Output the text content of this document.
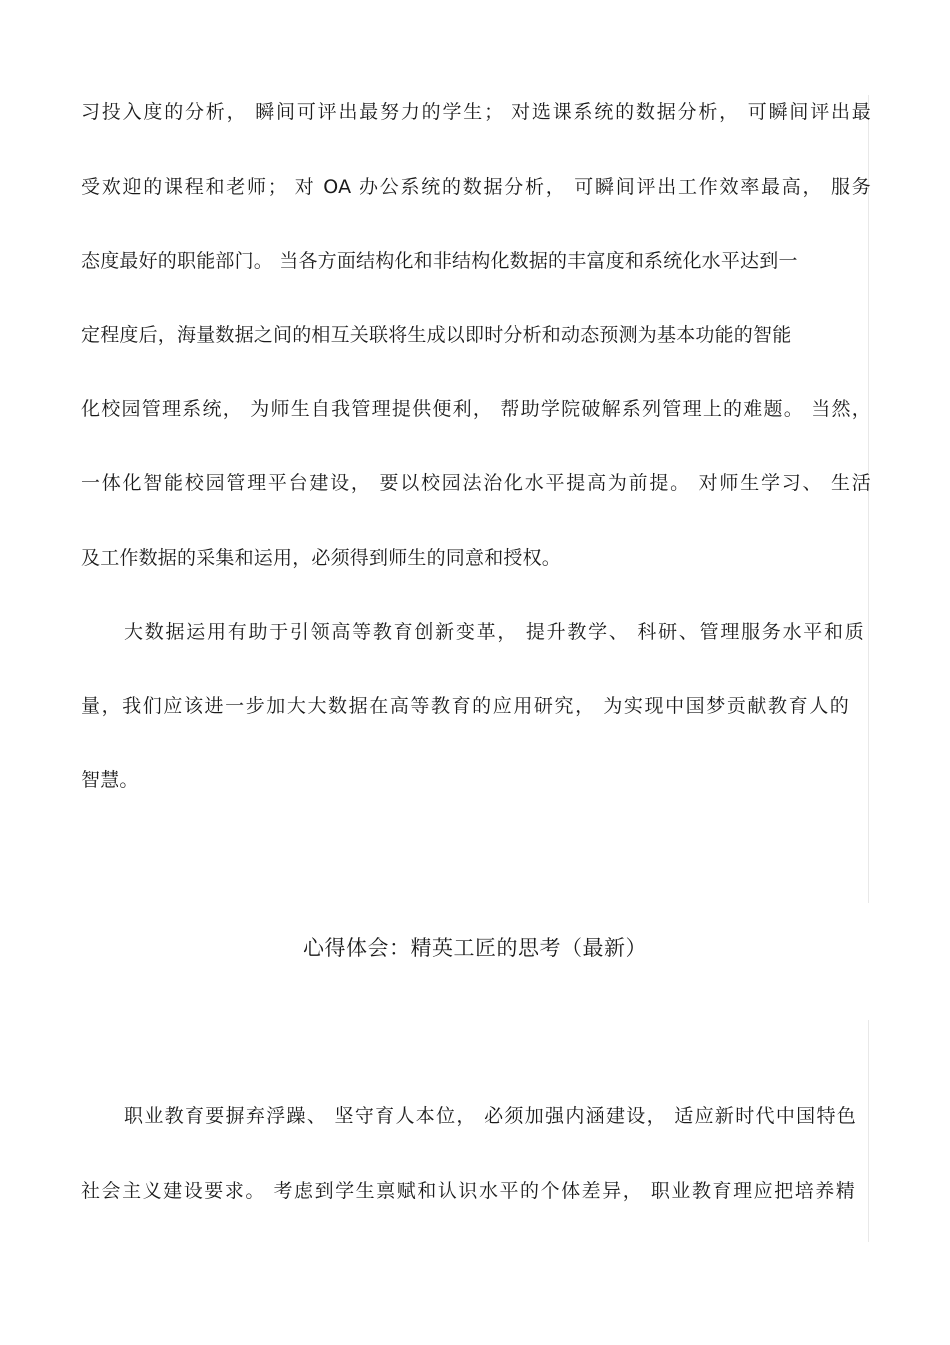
习投入度的分析， 瞬间可评出最努力的学生； 对选课系统的数据分析， 可瞬间评出最
受欢迎的课程和老师； 对 OA 办公系统的数据分析， 可瞬间评出工作效率最高， 服务
态度最好的职能部门。 当各方面结构化和非结构化数据的丰富度和系统化水平达到一
定程度后，海量数据之间的相互关联将生成以即时分析和动态预测为基本功能的智能
化校园管理系统， 为师生自我管理提供便利， 帮助学院破解系列管理上的难题。 当然，
一体化智能校园管理平台建设， 要以校园法治化水平提高为前提。 对师生学习、 生活
及工作数据的采集和运用，必须得到师生的同意和授权。
大数据运用有助于引领高等教育创新变革， 提升教学、 科研、管理服务水平和质
量，我们应该进一步加大大数据在高等教育的应用研究， 为实现中国梦贡献教育人的
智慧。
心得体会：精英工匠的思考（最新）
职业教育要摒弃浮躁、 坚守育人本位， 必须加强内涵建设， 适应新时代中国特色
社会主义建设要求。 考虑到学生禀赋和认识水平的个体差异， 职业教育理应把培养精
